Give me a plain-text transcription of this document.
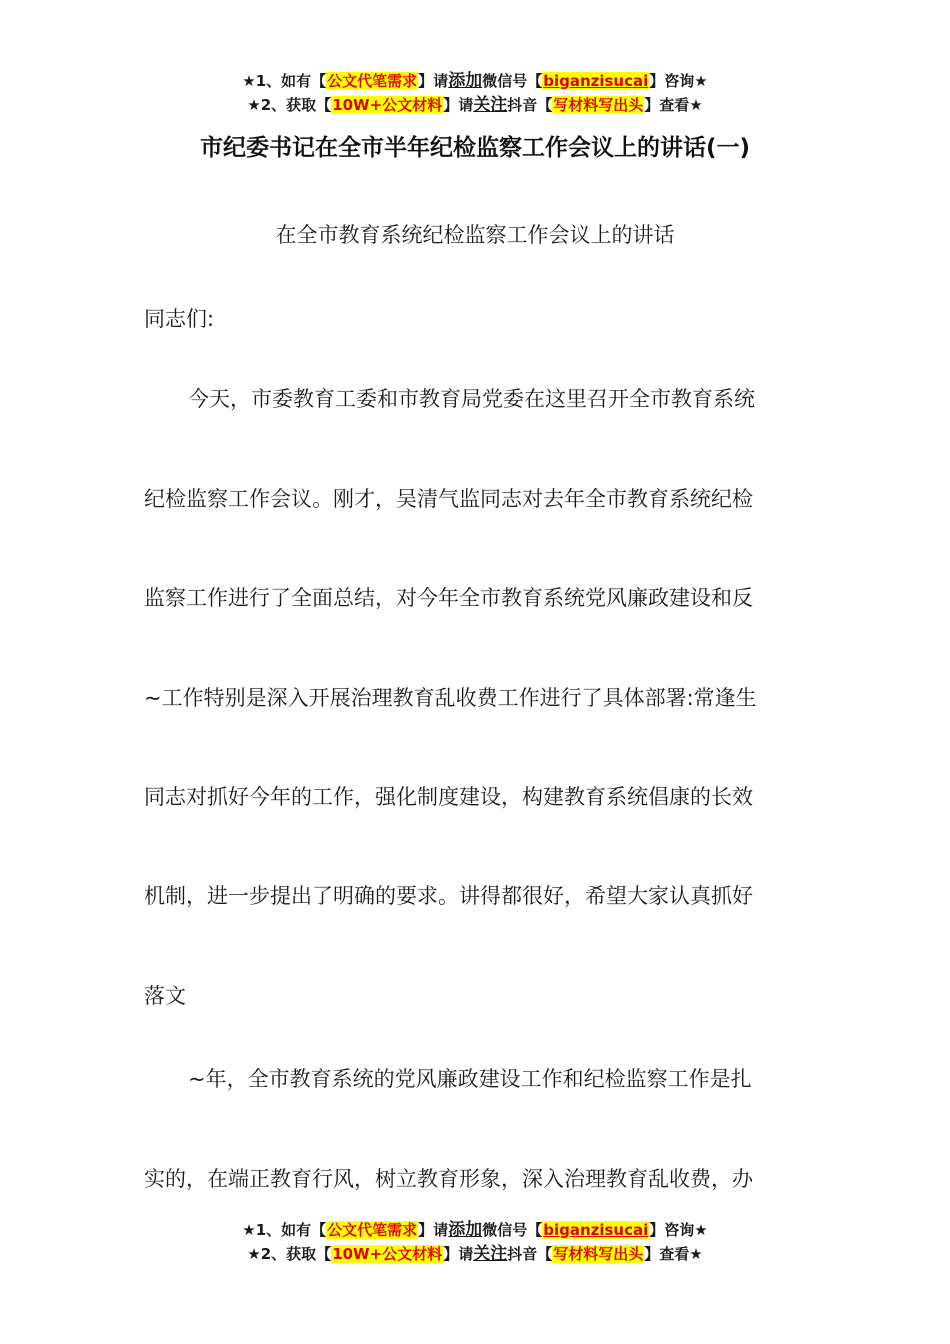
★1、如有【公文代笔需求】请添加微信号【biganzisucai】咨询★
★2、获取【10W+公文材料】请关注抖音【写材料写出头】查看★
市纪委书记在全市半年纪检监察工作会议上的讲话(一)
在全市教育系统纪检监察工作会议上的讲话
同志们:
今天，市委教育工委和市教育局党委在这里召开全市教育系统
纪检监察工作会议。刚才，吴清气监同志对去年全市教育系统纪检
监察工作进行了全面总结，对今年全市教育系统党风廉政建设和反
~工作特别是深入开展治理教育乱收费工作进行了具体部署:常逢生
同志对抓好今年的工作，强化制度建设，构建教育系统倡康的长效
机制，进一步提出了明确的要求。讲得都很好，希望大家认真抓好
落文
~年，全市教育系统的党风廉政建设工作和纪检监察工作是扎
实的，在端正教育行风，树立教育形象，深入治理教育乱收费，办
★1、如有【公文代笔需求】请添加微信号【biganzisucai】咨询★
★2、获取【10W+公文材料】请关注抖音【写材料写出头】查看★
